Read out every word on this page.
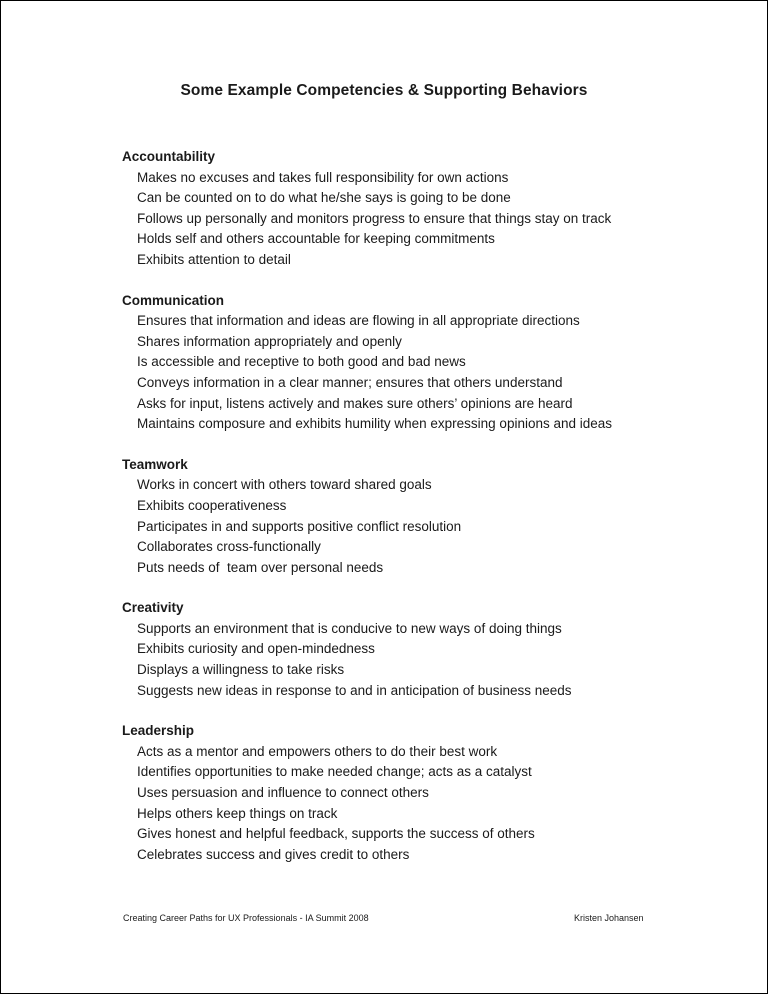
Some Example Competencies & Supporting Behaviors
Accountability
Makes no excuses and takes full responsibility for own actions
Can be counted on to do what he/she says is going to be done
Follows up personally and monitors progress to ensure that things stay on track
Holds self and others accountable for keeping commitments
Exhibits attention to detail
Communication
Ensures that information and ideas are flowing in all appropriate directions
Shares information appropriately and openly
Is accessible and receptive to both good and bad news
Conveys information in a clear manner; ensures that others understand
Asks for input, listens actively and makes sure others’ opinions are heard
Maintains composure and exhibits humility when expressing opinions and ideas
Teamwork
Works in concert with others toward shared goals
Exhibits cooperativeness
Participates in and supports positive conflict resolution
Collaborates cross-functionally
Puts needs of  team over personal needs
Creativity
Supports an environment that is conducive to new ways of doing things
Exhibits curiosity and open-mindedness
Displays a willingness to take risks
Suggests new ideas in response to and in anticipation of business needs
Leadership
Acts as a mentor and empowers others to do their best work
Identifies opportunities to make needed change; acts as a catalyst
Uses persuasion and influence to connect others
Helps others keep things on track
Gives honest and helpful feedback, supports the success of others
Celebrates success and gives credit to others
Creating Career Paths for UX Professionals - IA Summit 2008	Kristen Johansen
